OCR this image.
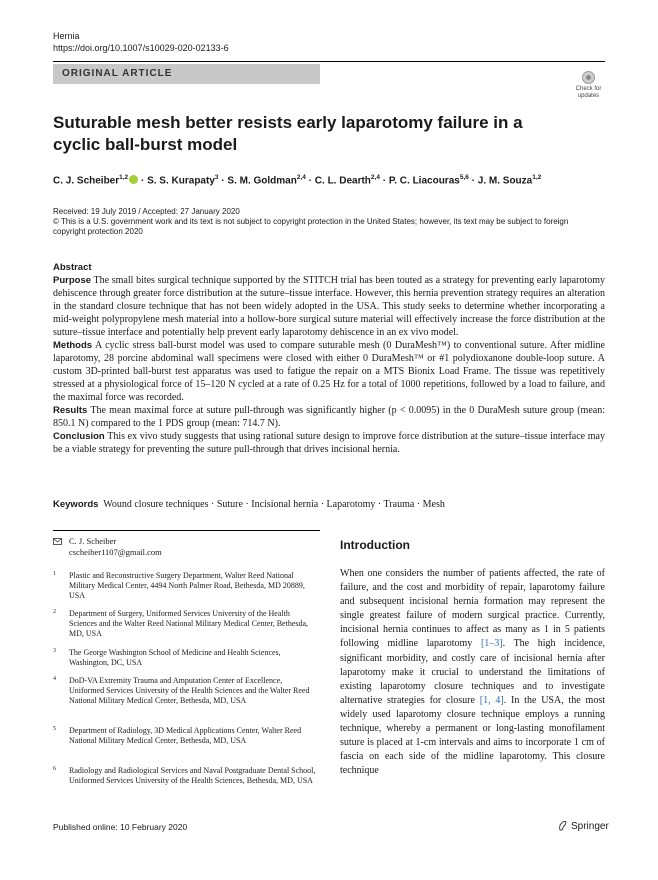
Hernia
https://doi.org/10.1007/s10029-020-02133-6
ORIGINAL ARTICLE
Check for
updates
Suturable mesh better resists early laparotomy failure in a cyclic ball-burst model
C. J. Scheiber$^{1,2}$ · S. S. Kurapaty$^3$ · S. M. Goldman$^{2,4}$ · C. L. Dearth$^{2,4}$ · P. C. Liacouras$^{5,6}$ · J. M. Souza$^{1,2}$
Received: 19 July 2019 / Accepted: 27 January 2020
© This is a U.S. government work and its text is not subject to copyright protection in the United States; however, its text may be subject to foreign copyright protection 2020
Abstract

Purpose The small bites surgical technique supported by the STITCH trial has been touted as a strategy for preventing early laparotomy dehiscence through greater force distribution at the suture–tissue interface. However, this hernia prevention strategy requires an alteration in the standard closure technique that has not been widely adopted in the USA. This study seeks to determine whether incorporating a mid-weight polypropylene mesh material into a hollow-bore surgical suture material will effectively increase the force distribution at the suture–tissue interface and potentially help prevent early laparotomy dehiscence in an ex vivo model.

Methods A cyclic stress ball-burst model was used to compare suturable mesh (0 DuraMesh™) to conventional suture. After midline laparotomy, 28 porcine abdominal wall specimens were closed with either 0 DuraMesh™ or #1 polydioxanone double-loop suture. A custom 3D-printed ball-burst test apparatus was used to fatigue the repair on a MTS Bionix Load Frame. The tissue was repetitively stressed at a physiological force of 15–120 N cycled at a rate of 0.25 Hz for a total of 1000 repetitions, followed by a load to failure, and the maximal force was recorded.

Results The mean maximal force at suture pull-through was significantly higher (p < 0.0095) in the 0 DuraMesh suture group (mean: 850.1 N) compared to the 1 PDS group (mean: 714.7 N).

Conclusion This ex vivo study suggests that using rational suture design to improve force distribution at the suture–tissue interface may be a viable strategy for preventing the suture pull-through that drives incisional hernia.

Keywords Wound closure techniques · Suture · Incisional hernia · Laparotomy · Trauma · Mesh
C. J. Scheiber
cscheiber1107@gmail.com
1 Plastic and Reconstructive Surgery Department, Walter Reed National Military Medical Center, 4494 North Palmer Road, Bethesda, MD 20889, USA
2 Department of Surgery, Uniformed Services University of the Health Sciences and the Walter Reed National Military Medical Center, Bethesda, MD, USA
3 The George Washington School of Medicine and Health Sciences, Washington, DC, USA
4 DoD-VA Extremity Trauma and Amputation Center of Excellence, Uniformed Services University of the Health Sciences and the Walter Reed National Military Medical Center, Bethesda, MD, USA
5 Department of Radiology, 3D Medical Applications Center, Walter Reed National Military Medical Center, Bethesda, MD, USA
6 Radiology and Radiological Services and Naval Postgraduate Dental School, Uniformed Services University of the Health Sciences, Bethesda, MD, USA
Introduction
When one considers the number of patients affected, the rate of failure, and the cost and morbidity of repair, laparotomy failure and subsequent incisional hernia formation may represent the single greatest failure of modern surgical practice. Currently, incisional hernia continues to affect as many as 1 in 5 patients following midline laparotomy [1–3]. The high incidence, significant morbidity, and costly care of incisional hernia after laparotomy make it crucial to understand the limitations of existing laparotomy closure techniques and to investigate alternative strategies for closure [1, 4]. In the USA, the most widely used laparotomy closure technique employs a running technique, whereby a permanent or long-lasting monofilament suture is placed at 1-cm intervals and aims to incorporate 1 cm of fascia on each side of the midline laparotomy. This closure technique
Published online: 10 February 2020	Springer
